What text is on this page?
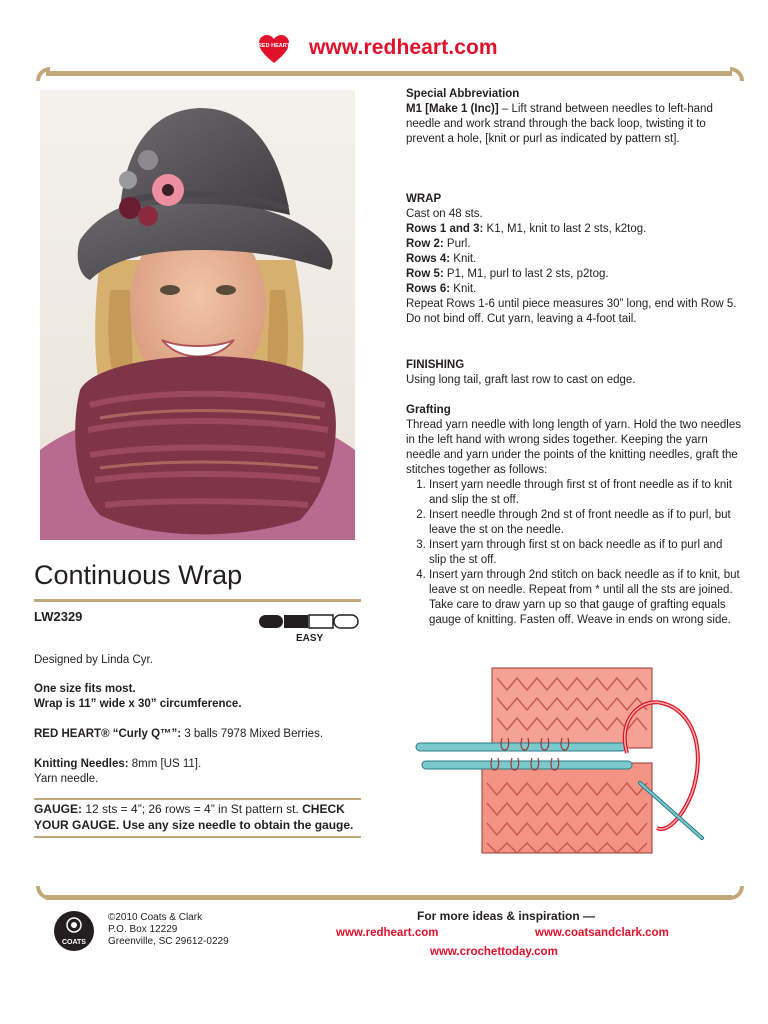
RED HEART www.redheart.com
Continuous Wrap
LW2329
EASY
Designed by Linda Cyr.
One size fits most.
Wrap is 11” wide x 30” circumference.
RED HEART® “Curly Q™”: 3 balls 7978 Mixed Berries.
Knitting Needles: 8mm [US 11].
Yarn needle.
GAUGE: 12 sts = 4”; 26 rows = 4” in St pattern st. CHECK YOUR GAUGE. Use any size needle to obtain the gauge.
Special Abbreviation

M1 [Make 1 (Inc)] – Lift strand between needles to left-hand needle and work strand through the back loop, twisting it to prevent a hole, [knit or purl as indicated by pattern st].

WRAP

Cast on 48 sts.

Rows 1 and 3: K1, M1, knit to last 2 sts, k2tog.

Row 2: Purl.

Rows 4: Knit.

Row 5: P1, M1, purl to last 2 sts, p2tog.

Rows 6: Knit.

Repeat Rows 1-6 until piece measures 30” long, end with Row 5.

Do not bind off. Cut yarn, leaving a 4-foot tail.

FINISHING

Using long tail, graft last row to cast on edge.

Grafting

Thread yarn needle with long length of yarn. Hold the two needles in the left hand with wrong sides together. Keeping the yarn needle and yarn under the points of the knitting needles, graft the stitches together as follows:

1. Insert yarn needle through first st of front needle as if to knit and slip the st off.
2. Insert needle through 2nd st of front needle as if to purl, but leave the st on the needle.
3. Insert yarn through first st on back needle as if to purl and slip the st off.
4. Insert yarn through 2nd stitch on back needle as if to knit, but leave st on needle. Repeat from * until all the sts are joined. Take care to draw yarn up so that gauge of grafting equals gauge of knitting. Fasten off. Weave in ends on wrong side.
COATS
©2010 Coats & Clark
P.O. Box 12229
Greenville, SC 29612-0229
For more ideas & inspiration —
www.redheart.com	www.coatsandclark.com
www.crochettoday.com
